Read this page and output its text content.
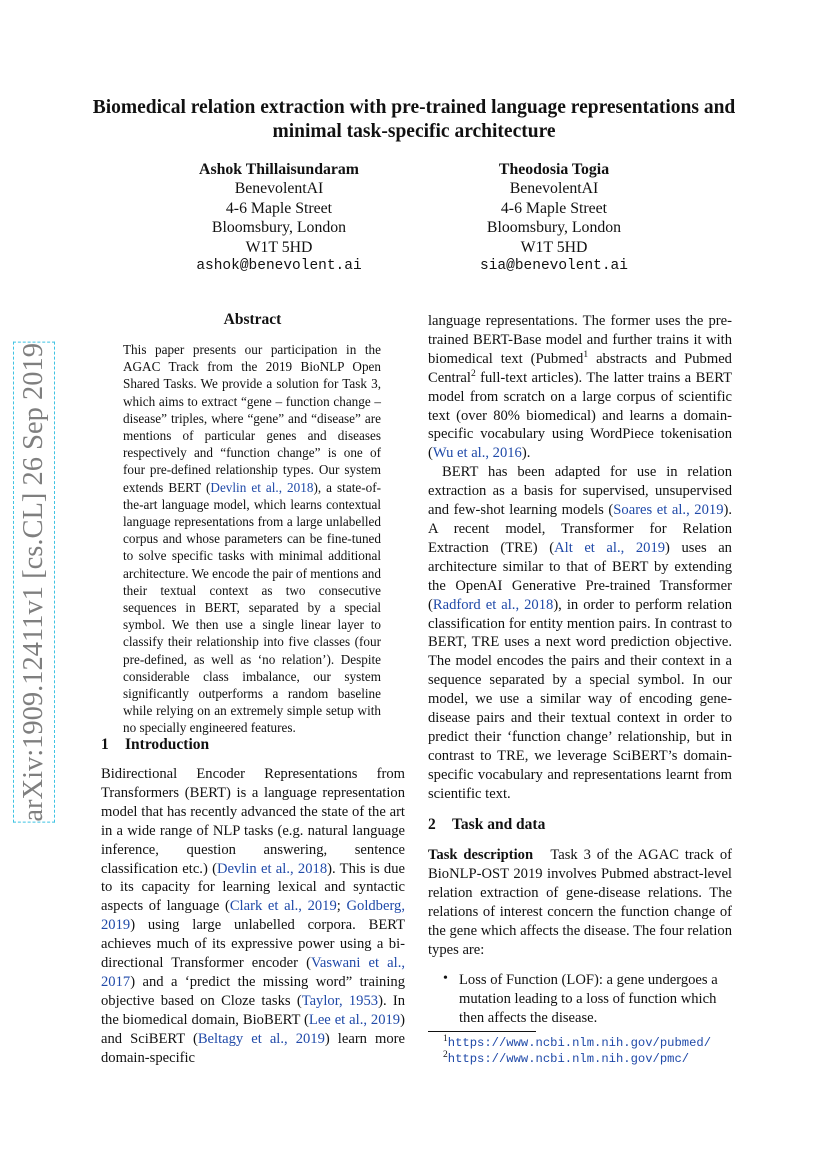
arXiv:1909.12411v1 [cs.CL] 26 Sep 2019
Biomedical relation extraction with pre-trained language representations and minimal task-specific architecture
Ashok Thillaisundaram
BenevolentAI
4-6 Maple Street
Bloomsbury, London
W1T 5HD
ashok@benevolent.ai
Theodosia Togia
BenevolentAI
4-6 Maple Street
Bloomsbury, London
W1T 5HD
sia@benevolent.ai
Abstract

This paper presents our participation in the AGAC Track from the 2019 BioNLP Open Shared Tasks. We provide a solution for Task 3, which aims to extract “gene – function change – disease” triples, where “gene” and “disease” are mentions of particular genes and diseases respectively and “function change” is one of four pre-defined relationship types. Our system extends BERT (Devlin et al., 2018), a state-of-the-art language model, which learns contextual language representations from a large unlabelled corpus and whose parameters can be fine-tuned to solve specific tasks with minimal additional architecture. We encode the pair of mentions and their textual context as two consecutive sequences in BERT, separated by a special symbol. We then use a single linear layer to classify their relationship into five classes (four pre-defined, as well as ‘no relation’). Despite considerable class imbalance, our system significantly outperforms a random baseline while relying on an extremely simple setup with no specially engineered features.

1 Introduction

Bidirectional Encoder Representations from Transformers (BERT) is a language representation model that has recently advanced the state of the art in a wide range of NLP tasks (e.g. natural language inference, question answering, sentence classification etc.) (Devlin et al., 2018). This is due to its capacity for learning lexical and syntactic aspects of language (Clark et al., 2019; Goldberg, 2019) using large unlabelled corpora. BERT achieves much of its expressive power using a bi-directional Transformer encoder (Vaswani et al., 2017) and a ‘predict the missing word” training objective based on Cloze tasks (Taylor, 1953). In the biomedical domain, BioBERT (Lee et al., 2019) and SciBERT (Beltagy et al., 2019) learn more domain-specific

language representations. The former uses the pre-trained BERT-Base model and further trains it with biomedical text (Pubmed$^1$ abstracts and Pubmed Central$^2$ full-text articles). The latter trains a BERT model from scratch on a large corpus of scientific text (over 80% biomedical) and learns a domain-specific vocabulary using WordPiece tokenisation (Wu et al., 2016).

BERT has been adapted for use in relation extraction as a basis for supervised, unsupervised and few-shot learning models (Soares et al., 2019). A recent model, Transformer for Relation Extraction (TRE) (Alt et al., 2019) uses an architecture similar to that of BERT by extending the OpenAI Generative Pre-trained Transformer (Radford et al., 2018), in order to perform relation classification for entity mention pairs. In contrast to BERT, TRE uses a next word prediction objective. The model encodes the pairs and their context in a sequence separated by a special symbol. In our model, we use a similar way of encoding gene-disease pairs and their textual context in order to predict their ‘function change’ relationship, but in contrast to TRE, we leverage SciBERT’s domain-specific vocabulary and representations learnt from scientific text.

2 Task and data

Task description Task 3 of the AGAC track of BioNLP-OST 2019 involves Pubmed abstract-level relation extraction of gene-disease relations. The relations of interest concern the function change of the gene which affects the disease. The four relation types are:

• Loss of Function (LOF): a gene undergoes a mutation leading to a loss of function which then affects the disease.

$^1$https://www.ncbi.nlm.nih.gov/pubmed/
$^2$https://www.ncbi.nlm.nih.gov/pmc/
